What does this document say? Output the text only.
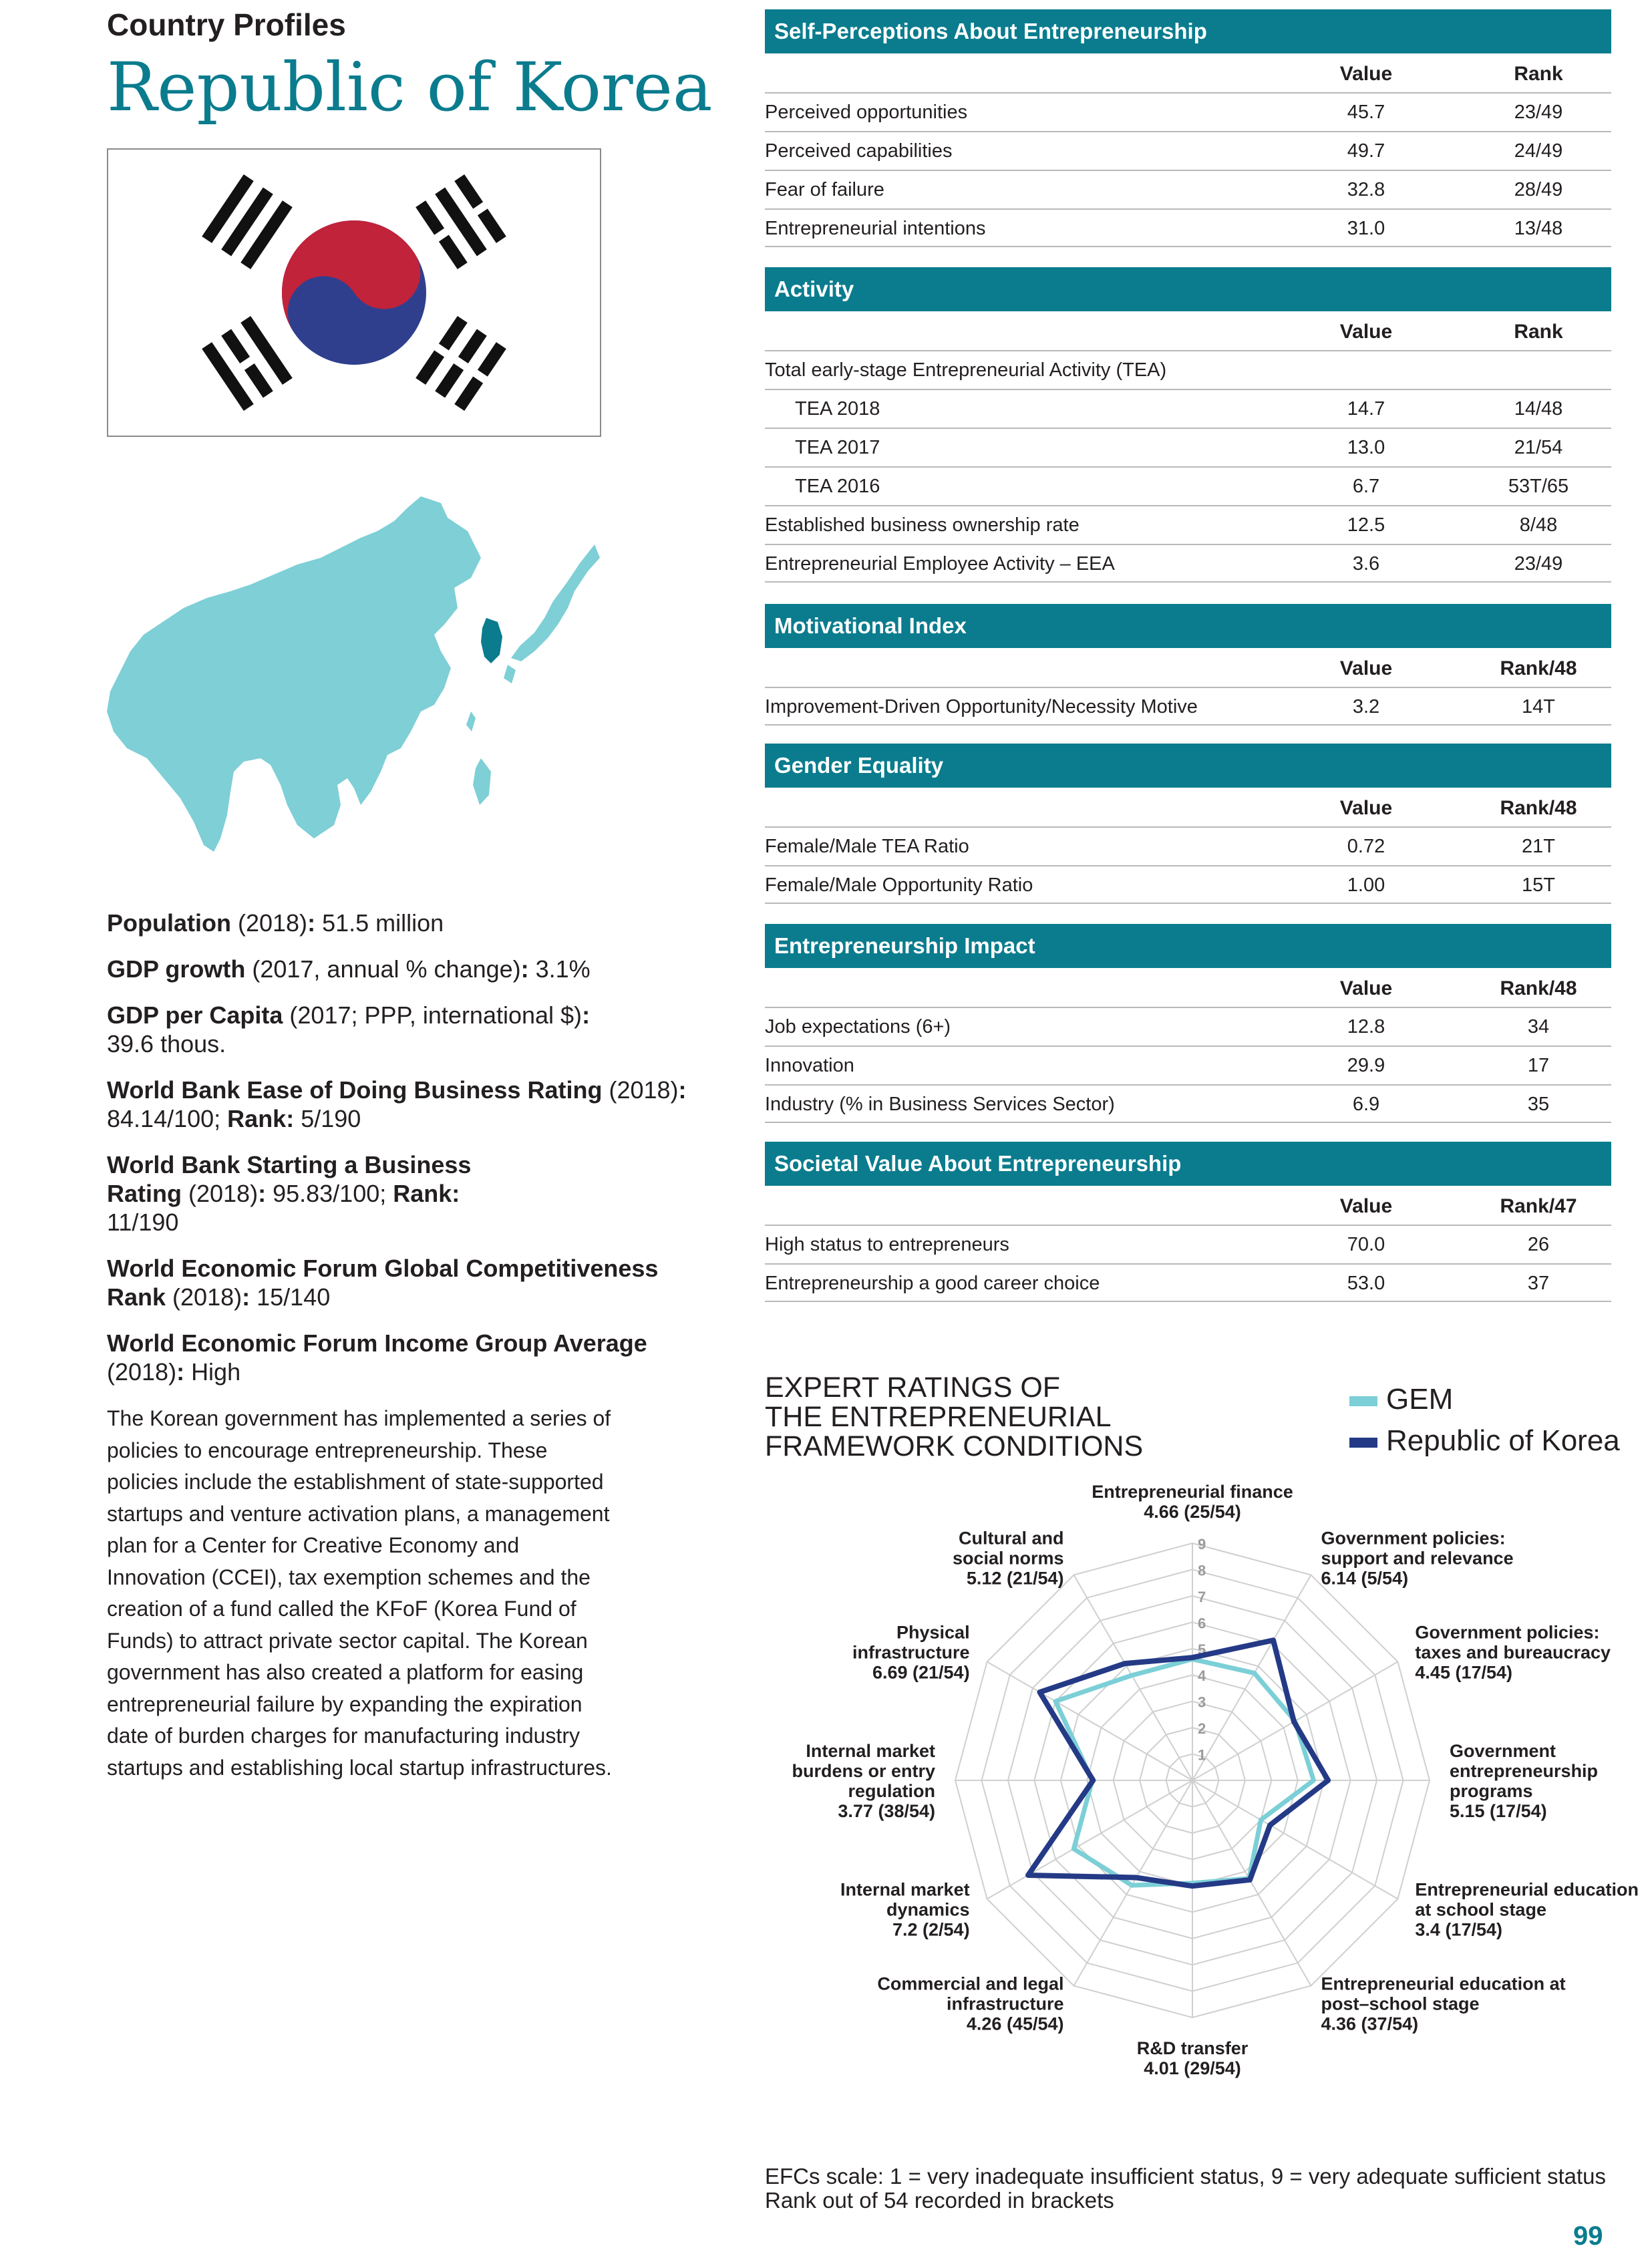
Country Profiles
Republic of Korea
Population (2018): 51.5 million
GDP growth (2017, annual % change): 3.1%
GDP per Capita (2017; PPP, international $):
39.6 thous.
World Bank Ease of Doing Business Rating (2018):
84.14/100; Rank: 5/190
World Bank Starting a Business Rating (2018): 95.83/100; Rank: 11/190
World Economic Forum Global Competitiveness Rank (2018): 15/140
World Economic Forum Income Group Average
(2018): High
The Korean government has implemented a series of policies to encourage entrepreneurship. These policies include the establishment of state-supported startups and venture activation plans, a management plan for a Center for Creative Economy and Innovation (CCEI), tax exemption schemes and the creation of a fund called the KFoF (Korea Fund of Funds) to attract private sector capital. The Korean government has also created a platform for easing entrepreneurial failure by expanding the expiration date of burden charges for manufacturing industry startups and establishing local startup infrastructures.
Self-Perceptions About Entrepreneurship
Value	Rank
Perceived opportunities	45.7	23/49
Perceived capabilities	49.7	24/49
Fear of failure	32.8	28/49
Entrepreneurial intentions	31.0	13/48
Activity
Value	Rank
Total early-stage Entrepreneurial Activity (TEA)
TEA 2018	14.7	14/48
TEA 2017	13.0	21/54
TEA 2016	6.7	53T/65
Established business ownership rate	12.5	8/48
Entrepreneurial Employee Activity – EEA	3.6	23/49
Motivational Index
Value	Rank/48
Improvement-Driven Opportunity/Necessity Motive	3.2	14T
Gender Equality
Value	Rank/48
Female/Male TEA Ratio	0.72	21T
Female/Male Opportunity Ratio	1.00	15T
Entrepreneurship Impact
Value	Rank/48
Job expectations (6+)	12.8	34
Innovation	29.9	17
Industry (% in Business Services Sector)	6.9	35
Societal Value About Entrepreneurship
Value	Rank/47
High status to entrepreneurs	70.0	26
Entrepreneurship a good career choice	53.0	37
EXPERT RATINGS OF
THE ENTREPRENEURIAL
FRAMEWORK CONDITIONS
GEM
Republic of Korea
1
2
3
4
5
6
7
8
9
Entrepreneurial finance 4.66 (25/54)
Government policies: support and relevance 6.14 (5/54)
Government policies: taxes and bureaucracy 4.45 (17/54)
Government entrepreneurship programs 5.15 (17/54)
Entrepreneurial education at school stage 3.4 (17/54)
Entrepreneurial education at post–school stage 4.36 (37/54)
R&D transfer 4.01 (29/54)
Commercial and legal infrastructure 4.26 (45/54)
Internal market dynamics 7.2 (2/54)
Internal market burdens or entry regulation 3.77 (38/54)
Physical infrastructure 6.69 (21/54)
Cultural and social norms 5.12 (21/54)
EFCs scale: 1 = very inadequate insufficient status, 9 = very adequate sufficient status
Rank out of 54 recorded in brackets
99
